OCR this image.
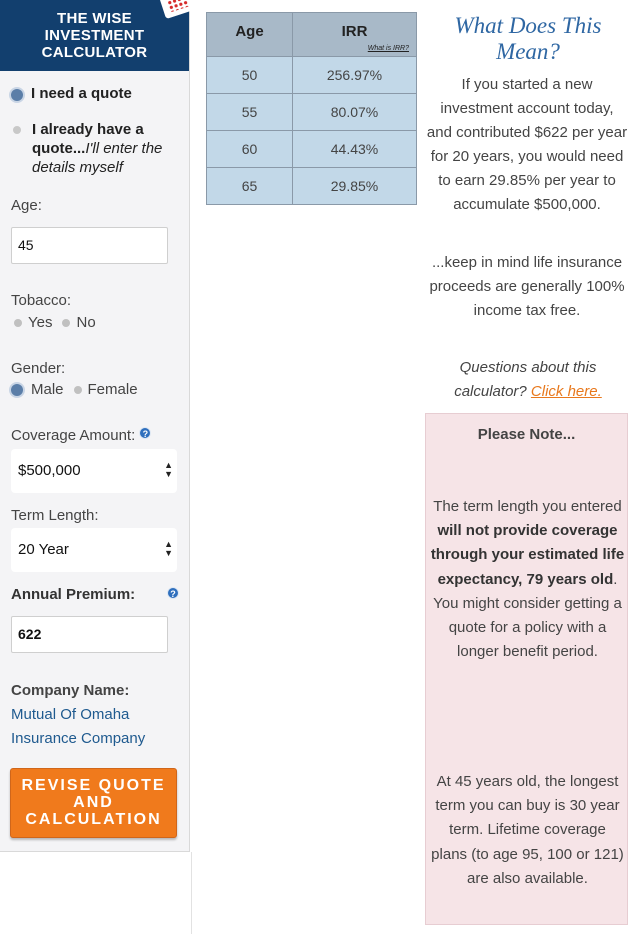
THE WISE
INVESTMENT
CALCULATOR
I need a quote
I already have a quote...I'll enter the details myself
Age:
45
Tobacco:
Yes No
Gender:
Male Female
Coverage Amount: ?
$500,000	▲
▼
Term Length:
20 Year	▲
▼
Annual Premium:	?
622
Company Name:
Mutual Of Omaha Insurance Company
REVISE QUOTE AND CALCULATION
Age	IRR
What is IRR?

50	256.97%
55	80.07%
60	44.43%
65	29.85%
What Does This Mean?
If you started a new investment account today, and contributed $622 per year for 20 years, you would need to earn 29.85% per year to accumulate $500,000.
...keep in mind life insurance proceeds are generally 100% income tax free.
Questions about this calculator? Click here.
Please Note...
The term length you entered will not provide coverage through your estimated life expectancy, 79 years old. You might consider getting a quote for a policy with a longer benefit period.
At 45 years old, the longest term you can buy is 30 year term. Lifetime coverage plans (to age 95, 100 or 121) are also available.
